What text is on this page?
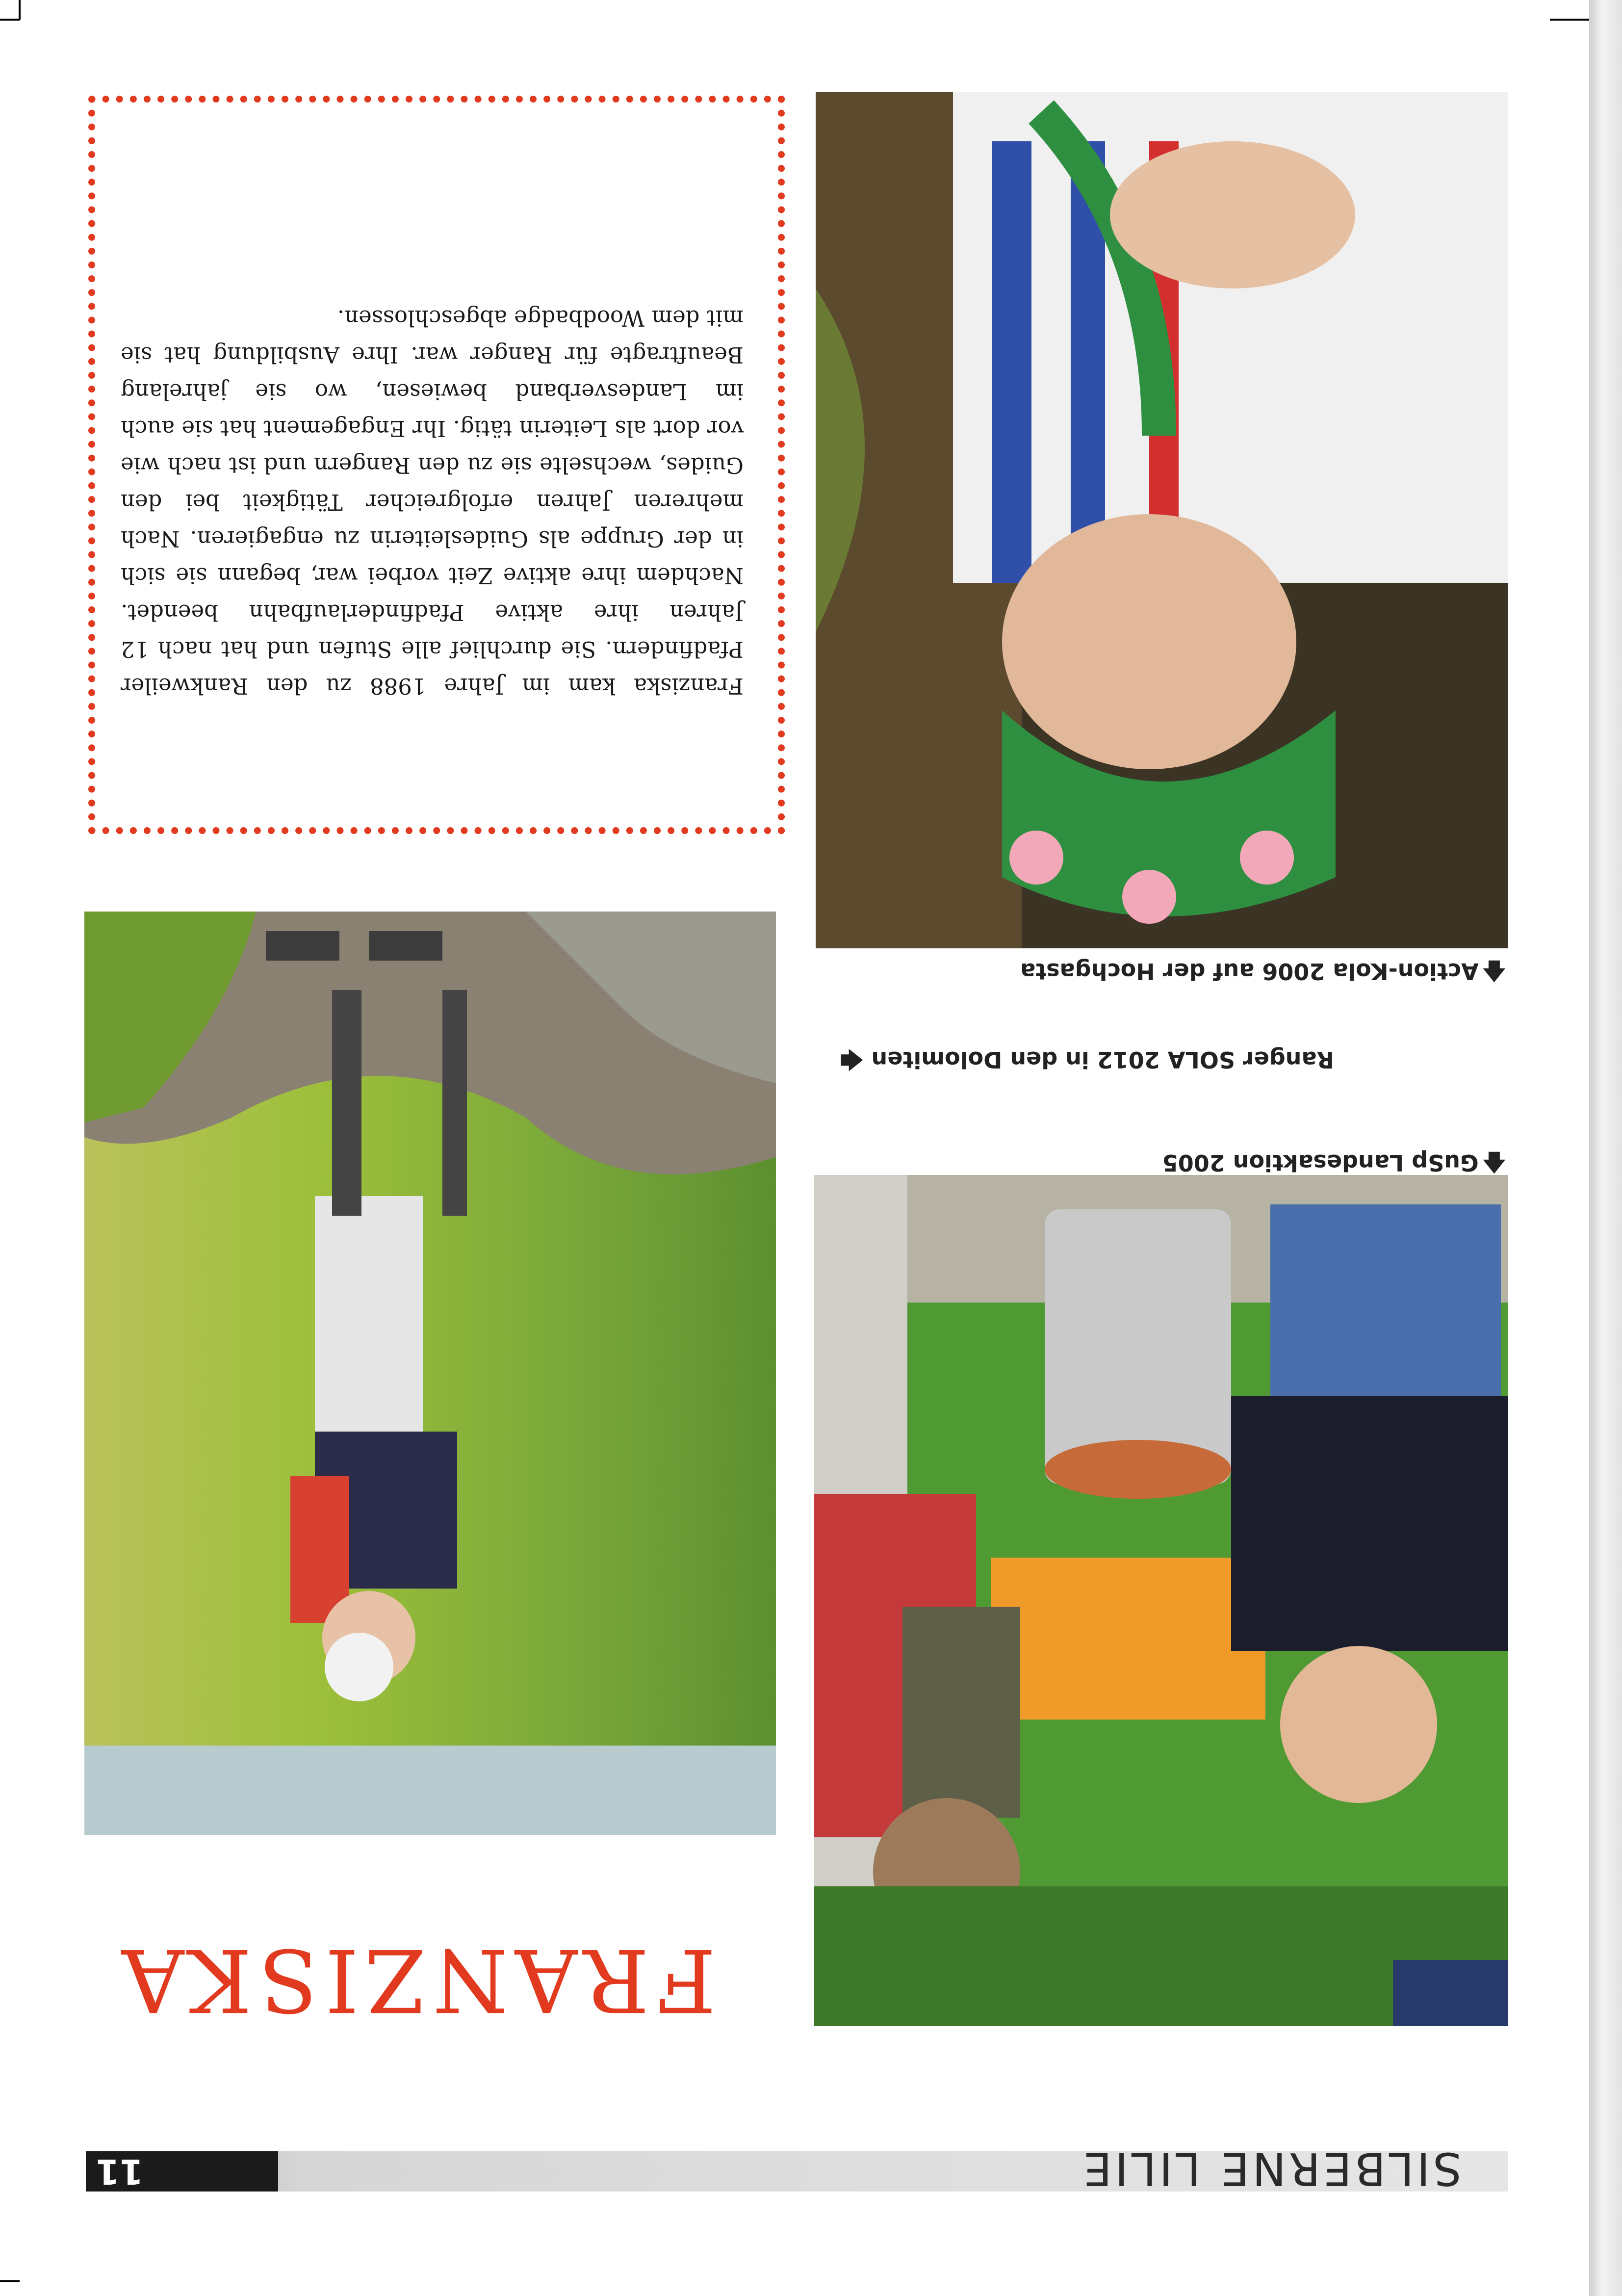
11	SILBERNE LILIE
FRANZISKA
🡅Action-Kola 2006 auf der Hochgasta
Ranger SOLA 2012 in den Dolomiten 🡄
🡅GuSp Landesaktion 2005

Franziska kam im Jahre 1988 zu den Rankweiler Pfadfindern. Sie durchlief alle Stufen und hat nach 12 Jahren ihre aktive Pfadfinderlaufbahn beendet. Nachdem ihre aktive Zeit vorbei war, begann sie sich in der Gruppe als Guidesleiterin zu engagieren. Nach mehreren Jahren erfolgreicher Tätigkeit bei den Guides, wechselte sie zu den Rangern und ist nach wie vor dort als Leiterin tätig. Ihr Engagement hat sie auch im Landesverband bewiesen, wo sie jahrelang Beauftragte für Ranger war. Ihre Ausbildung hat sie mit dem Woodbadge abgeschlossen.
